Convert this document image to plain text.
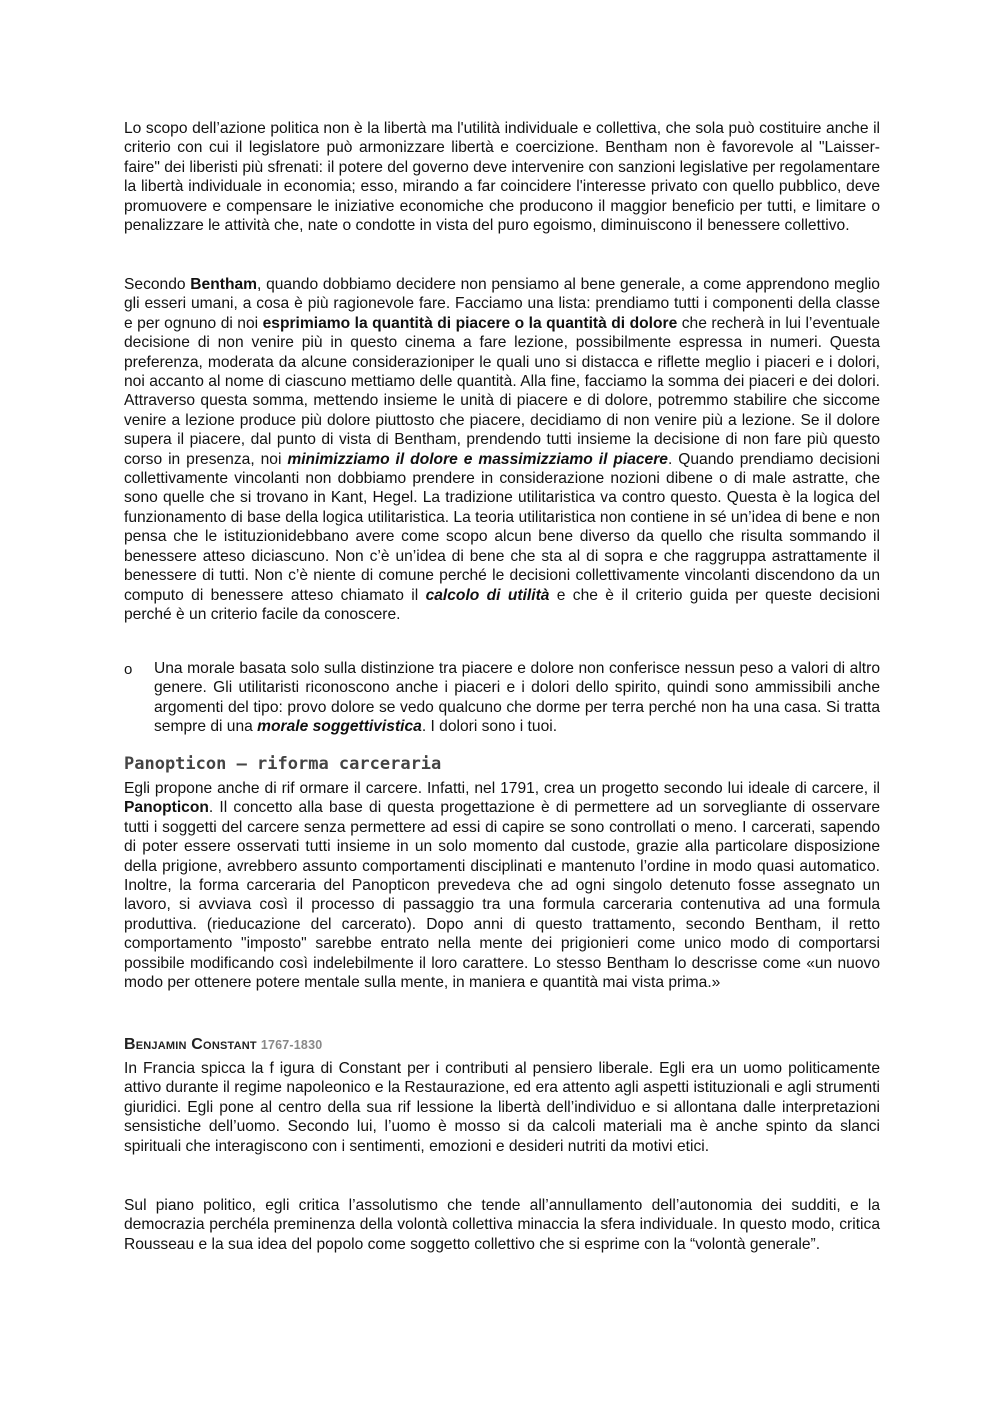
Lo scopo dell’azione politica non è la libertà ma l'utilità individuale e collettiva, che sola può costituire anche il criterio con cui il legislatore può armonizzare libertà e coercizione. Bentham non è favorevole al "Laisser-faire" dei liberisti più sfrenati: il potere del governo deve intervenire con sanzioni legislative per regolamentare la libertà individuale in economia; esso, mirando a far coincidere l'interesse privato con quello pubblico, deve promuovere e compensare le iniziative economiche che producono il maggior beneficio per tutti, e limitare o penalizzare le attività che, nate o condotte in vista del puro egoismo, diminuiscono il benessere collettivo.

Secondo Bentham, quando dobbiamo decidere non pensiamo al bene generale, a come apprendono meglio gli esseri umani, a cosa è più ragionevole fare. Facciamo una lista: prendiamo tutti i componenti della classe e per ognuno di noi esprimiamo la quantità di piacere o la quantità di dolore che recherà in lui l’eventuale decisione di non venire più in questo cinema a fare lezione, possibilmente espressa in numeri. Questa preferenza, moderata da alcune considerazioniper le quali uno si distacca e riflette meglio i piaceri e i dolori, noi accanto al nome di ciascuno mettiamo delle quantità. Alla fine, facciamo la somma dei piaceri e dei dolori. Attraverso questa somma, mettendo insieme le unità di piacere e di dolore, potremmo stabilire che siccome venire a lezione produce più dolore piuttosto che piacere, decidiamo di non venire più a lezione. Se il dolore supera il piacere, dal punto di vista di Bentham, prendendo tutti insieme la decisione di non fare più questo corso in presenza, noi minimizziamo il dolore e massimizziamo il piacere. Quando prendiamo decisioni collettivamente vincolanti non dobbiamo prendere in considerazione nozioni dibene o di male astratte, che sono quelle che si trovano in Kant, Hegel. La tradizione utilitaristica va contro questo. Questa è la logica del funzionamento di base della logica utilitaristica. La teoria utilitaristica non contiene in sé un’idea di bene e non pensa che le istituzionidebbano avere come scopo alcun bene diverso da quello che risulta sommando il benessere atteso diciascuno. Non c’è un’idea di bene che sta al di sopra e che raggruppa astrattamente il benessere di tutti. Non c’è niente di comune perché le decisioni collettivamente vincolanti discendono da un computo di benessere atteso chiamato il calcolo di utilità e che è il criterio guida per queste decisioni perché è un criterio facile da conoscere.

o Una morale basata solo sulla distinzione tra piacere e dolore non conferisce nessun peso a valori di altro genere. Gli utilitaristi riconoscono anche i piaceri e i dolori dello spirito, quindi sono ammissibili anche argomenti del tipo: provo dolore se vedo qualcuno che dorme per terra perché non ha una casa. Si tratta sempre di una morale soggettivistica. I dolori sono i tuoi.

Panopticon – riforma carceraria

Egli propone anche di rif ormare il carcere. Infatti, nel 1791, crea un progetto secondo lui ideale di carcere, il Panopticon. Il concetto alla base di questa progettazione è di permettere ad un sorvegliante di osservare tutti i soggetti del carcere senza permettere ad essi di capire se sono controllati o meno. I carcerati, sapendo di poter essere osservati tutti insieme in un solo momento dal custode, grazie alla particolare disposizione della prigione, avrebbero assunto comportamenti disciplinati e mantenuto l’ordine in modo quasi automatico. Inoltre, la forma carceraria del Panopticon prevedeva che ad ogni singolo detenuto fosse assegnato un lavoro, si avviava così il processo di passaggio tra una formula carceraria contenutiva ad una formula produttiva. (rieducazione del carcerato). Dopo anni di questo trattamento, secondo Bentham, il retto comportamento "imposto" sarebbe entrato nella mente dei prigionieri come unico modo di comportarsi possibile modificando così indelebilmente il loro carattere. Lo stesso Bentham lo descrisse come «un nuovo modo per ottenere potere mentale sulla mente, in maniera e quantità mai vista prima.»

Benjamin Constant 1767-1830

In Francia spicca la f igura di Constant per i contributi al pensiero liberale. Egli era un uomo politicamente attivo durante il regime napoleonico e la Restaurazione, ed era attento agli aspetti istituzionali e agli strumenti giuridici. Egli pone al centro della sua rif lessione la libertà dell’individuo e si allontana dalle interpretazioni sensistiche dell’uomo. Secondo lui, l’uomo è mosso si da calcoli materiali ma è anche spinto da slanci spirituali che interagiscono con i sentimenti, emozioni e desideri nutriti da motivi etici.

Sul piano politico, egli critica l’assolutismo che tende all’annullamento dell’autonomia dei sudditi, e la democrazia perchéla preminenza della volontà collettiva minaccia la sfera individuale. In questo modo, critica Rousseau e la sua idea del popolo come soggetto collettivo che si esprime con la “volontà generale”.
